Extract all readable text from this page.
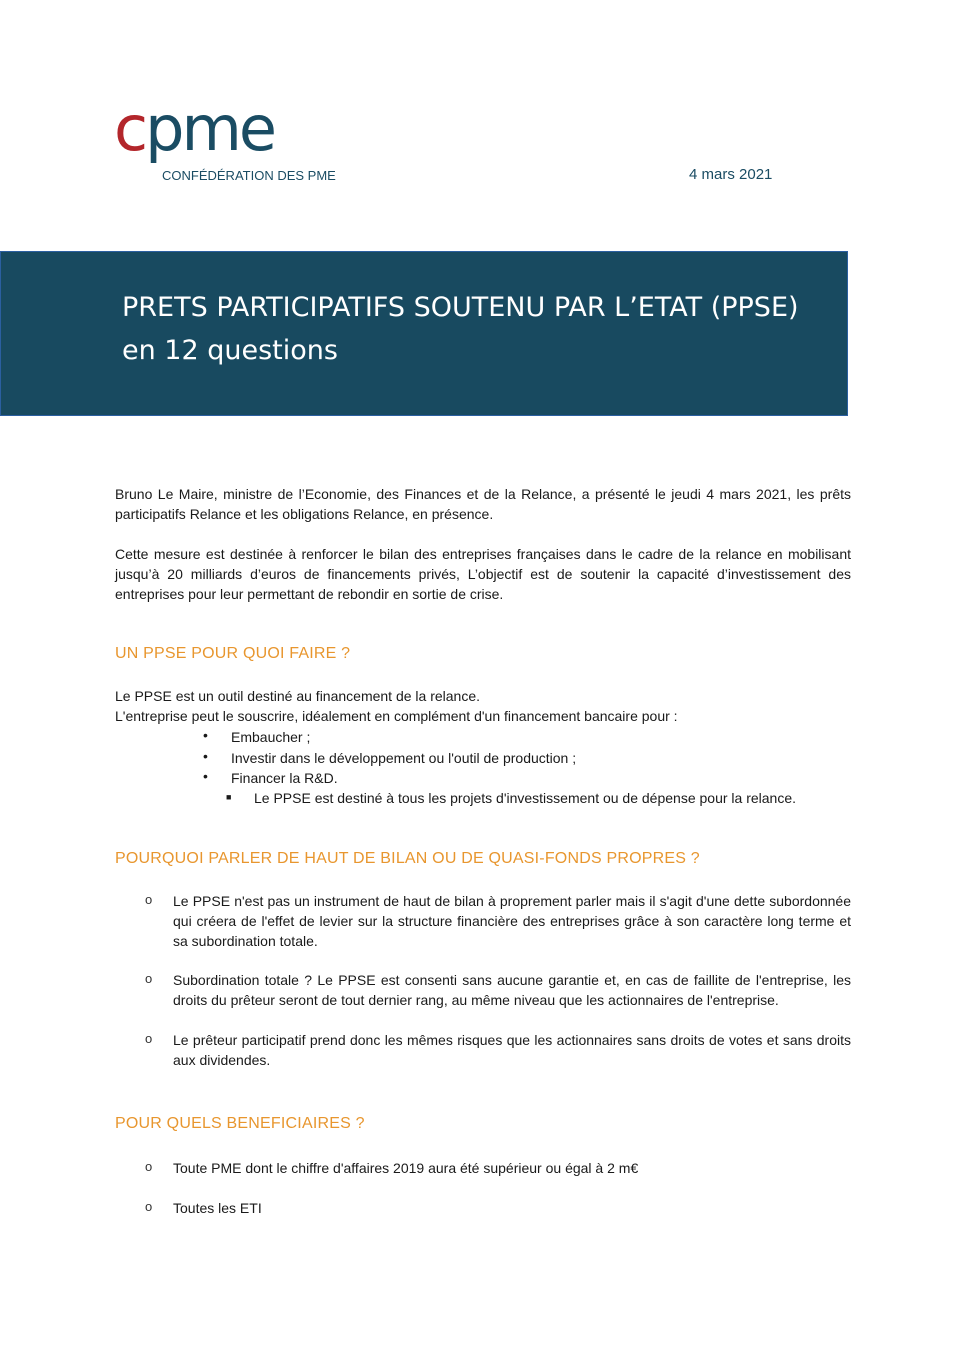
cpme
CONFÉDÉRATION DES PME	4 mars 2021
PRETS PARTICIPATIFS SOUTENU PAR L’ETAT (PPSE) en 12 questions

Bruno Le Maire, ministre de l’Economie, des Finances et de la Relance, a présenté le jeudi 4 mars 2021, les prêts participatifs Relance et les obligations Relance, en présence.

Cette mesure est destinée à renforcer le bilan des entreprises françaises dans le cadre de la relance en mobilisant jusqu’à 20 milliards d’euros de financements privés, L’objectif est de soutenir la capacité d’investissement des entreprises pour leur permettant de rebondir en sortie de crise.

UN PPSE POUR QUOI FAIRE ?
Le PPSE est un outil destiné au financement de la relance.
L'entreprise peut le souscrire, idéalement en complément d'un financement bancaire pour :
• Embaucher ;
• Investir dans le développement ou l'outil de production ;
• Financer la R&D.
■ Le PPSE est destiné à tous les projets d'investissement ou de dépense pour la relance.
POURQUOI PARLER DE HAUT DE BILAN OU DE QUASI-FONDS PROPRES ?
o Le PPSE n'est pas un instrument de haut de bilan à proprement parler mais il s'agit d'une dette subordonnée qui créera de l'effet de levier sur la structure financière des entreprises grâce à son caractère long terme et sa subordination totale.

o Subordination totale ? Le PPSE est consenti sans aucune garantie et, en cas de faillite de l'entreprise, les droits du prêteur seront de tout dernier rang, au même niveau que les actionnaires de l'entreprise.

o Le prêteur participatif prend donc les mêmes risques que les actionnaires sans droits de votes et sans droits aux dividendes.

POUR QUELS BENEFICIAIRES ?
o Toute PME dont le chiffre d'affaires 2019 aura été supérieur ou égal à 2 m€

o Toutes les ETI
